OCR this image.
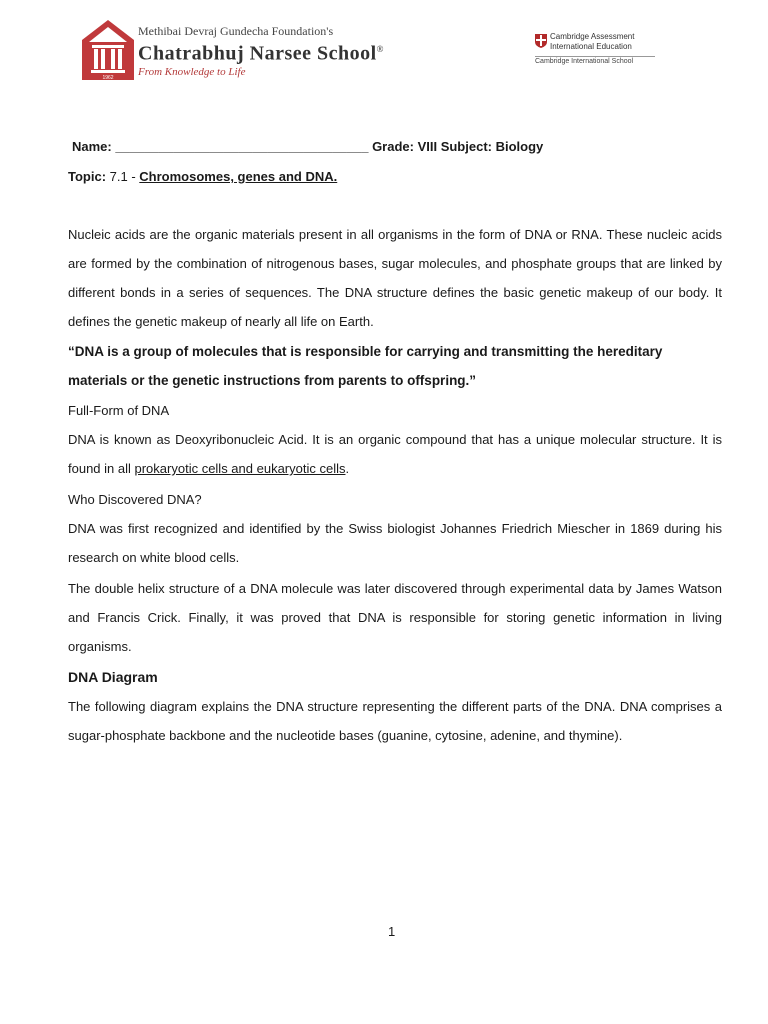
1962
Methibai Devraj Gundecha Foundation's
Chatrabhuj Narsee School®
From Knowledge to Life
Cambridge Assessment
International Education
Cambridge International School
Name: ___________________________________ Grade: VIII Subject: Biology
Topic: 7.1 - Chromosomes, genes and DNA.

Nucleic acids are the organic materials present in all organisms in the form of DNA or RNA. These nucleic acids are formed by the combination of nitrogenous bases, sugar molecules, and phosphate groups that are linked by different bonds in a series of sequences. The DNA structure defines the basic genetic makeup of our body. It defines the genetic makeup of nearly all life on Earth.

“DNA is a group of molecules that is responsible for carrying and transmitting the hereditary materials or the genetic instructions from parents to offspring.”

Full-Form of DNA

DNA is known as Deoxyribonucleic Acid. It is an organic compound that has a unique molecular structure. It is found in all prokaryotic cells and eukaryotic cells.

Who Discovered DNA?

DNA was first recognized and identified by the Swiss biologist Johannes Friedrich Miescher in 1869 during his research on white blood cells.

The double helix structure of a DNA molecule was later discovered through experimental data by James Watson and Francis Crick. Finally, it was proved that DNA is responsible for storing genetic information in living organisms.

DNA Diagram

The following diagram explains the DNA structure representing the different parts of the DNA. DNA comprises a sugar-phosphate backbone and the nucleotide bases (guanine, cytosine, adenine, and thymine).

1
